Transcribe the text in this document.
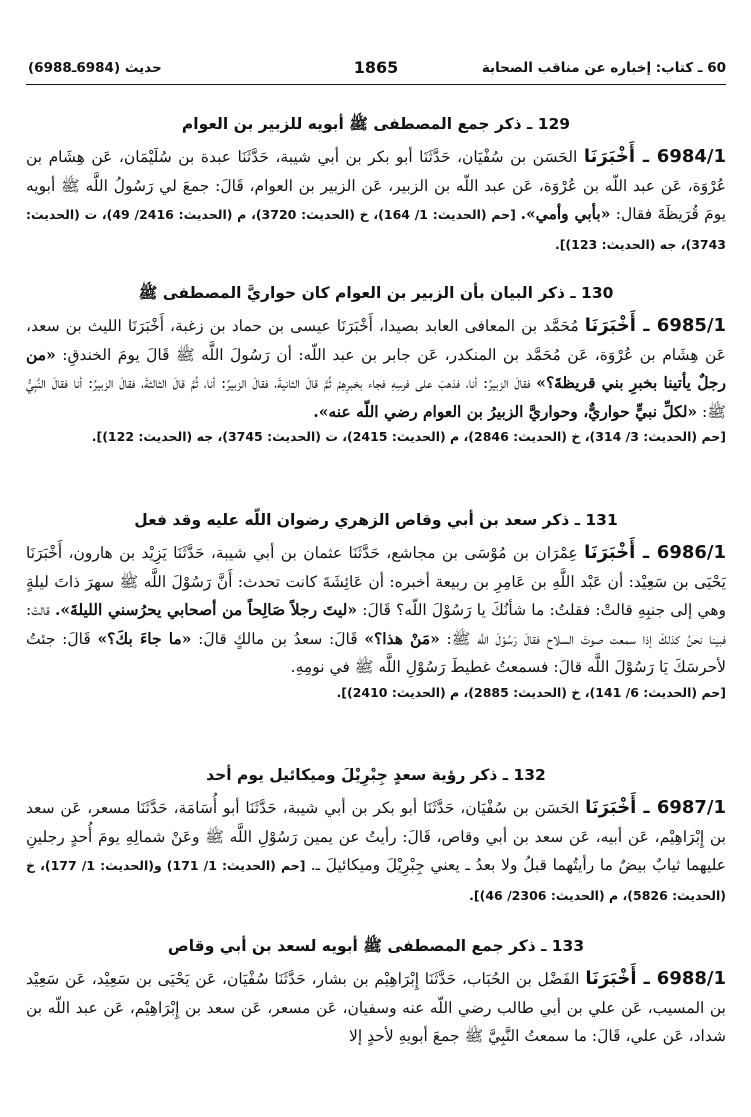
60 ـ كتاب: إخباره عن مناقب الصحابة
1865
حديث (6984ـ6988)
129 ـ ذكر جمع المصطفى ﷺ أبويه للزبير بن العوام

6984/1 ـ أَخْبَرَنَا الحَسَن بن سُفْيَان، حَدَّثَنَا أبو بكر بن أبي شيبة، حَدَّثَنَا عبدة بن سُلَيْمَان، عَن هِشَام بن عُرْوَة، عَن عبد اللّه بن عُرْوَة، عَن عبد اللّه بن الزبير، عَن الزبير بن العوام، قَالَ: جمعَ لي رَسُولُ اللَّه ﷺ أبويه يومَ قُرَيظَةَ فقال: «بأبي وأمي». [حم (الحديث: 1/ 164)، خ (الحديث: 3720)، م (الحديث: 2416/ 49)، ت (الحديث: 3743)، جه (الحديث: 123)].

130 ـ ذكر البيان بأن الزبير بن العوام كان حواريَّ المصطفى ﷺ

6985/1 ـ أَخْبَرَنَا مُحَمَّد بن المعافى العابد بصيدا، أَخْبَرَنَا عيسى بن حماد بن زغبة، أَخْبَرَنَا الليث بن سعد، عَن هِشَام بن عُرْوَة، عَن مُحَمَّد بن المنكدر، عَن جابر بن عبد اللّه: أن رَسُولَ اللَّه ﷺ قَالَ يومَ الخندقِ: «من رجلٌ يأتينا بخبرِ بني قريظةَ؟» فقالَ الزبيرُ: أنا، فذهبَ على فرسِهِ فجاء بخبرِهِمْ ثُمَّ قالَ الثانيةَ، فقالَ الزبيرُ: أنا، ثُمَّ قالَ الثالثةَ، فقالَ الزبيرُ: أنا فقالَ النَّبِيُّ ﷺ: «لكلِّ نبيٍّ حواريٌّ، وحواريَّ الزبيرُ بن العوام رضي اللّه عنه».

[حم (الحديث: 3/ 314)، خ (الحديث: 2846)، م (الحديث: 2415)، ت (الحديث: 3745)، جه (الحديث: 122)].
131 ـ ذكر سعد بن أبي وقاص الزهري رضوان اللّه عليه وقد فعل

6986/1 ـ أَخْبَرَنَا عِمْرَان بن مُوْسَى بن مجاشع، حَدَّثَنَا عثمان بن أبي شيبة، حَدَّثَنَا يَزِيْد بن هارون، أَخْبَرَنَا يَحْيَى بن سَعِيْد: أن عَبْد اللَّهِ بن عَامِرِ بن ربيعة أخبره: أن عَائِشَةَ كانت تحدث: أَنَّ رَسُوْلَ اللَّه ﷺ سهرَ ذاتَ ليلةٍ وهي إلى جنبِهِ قالتْ: فقلتُ: ما شأنُكَ يا رَسُوْلَ اللّه؟ قَالَ: «ليتَ رجلاً صَالِحاً من أصحابي يحرُسني الليلةَ». قالتْ: فبينا نحنُ كذلكَ إذا سمعت صوتَ السلاح فقالَ رَسُوْلَ اللَّه ﷺ: «مَنْ هذا؟» قَالَ: سعدُ بن مالكٍ قالَ: «ما جاءَ بكَ؟» قَالَ: جئتُ لأحرسَكَ يَا رَسُوْلَ اللَّه قالَ: فسمعتُ غطيطَ رَسُوْلِ اللَّه ﷺ في نومِهِ.

[حم (الحديث: 6/ 141)، خ (الحديث: 2885)، م (الحديث: 2410)].
132 ـ ذكر رؤية سعدٍ جِبْرِيْلَ وميكائيل يوم أحد

6987/1 ـ أَخْبَرَنَا الحَسَن بن سُفْيَان، حَدَّثَنَا أبو بكر بن أبي شيبة، حَدَّثَنَا أبو أُسَامَة، حَدَّثَنَا مسعر، عَن سعد بن إِبْرَاهِيْم، عَن أبيه، عَن سعد بن أبي وقاص، قَالَ: رأيتُ عن يمين رَسُوْلِ اللَّه ﷺ وعَنْ شمالِهِ يومَ أُحدٍ رجلينِ عليهما ثيابٌ بيضٌ ما رأيتُهما قبلُ ولا بعدُ ـ يعني جِبْرِيْلَ وميكائيلَ ـ. [حم (الحديث: 1/ 171) و(الحديث: 1/ 177)، خ (الحديث: 5826)، م (الحديث: 2306/ 46)].

133 ـ ذكر جمع المصطفى ﷺ أبويه لسعد بن أبي وقاص

6988/1 ـ أَخْبَرَنَا الفَضْل بن الحُبَاب، حَدَّثَنَا إِبْرَاهِيْم بن بشار، حَدَّثَنَا سُفْيَان، عَن يَحْيَى بن سَعِيْد، عَن سَعِيْد بن المسيب، عَن علي بن أبي طالب رضي اللّه عنه وسفيان، عَن مسعر، عَن سعد بن إِبْرَاهِيْم، عَن عبد اللّه بن شداد، عَن علي، قَالَ: ما سمعتُ النَّبِيَّ ﷺ جمعَ أبويهِ لأحدٍ إلا
